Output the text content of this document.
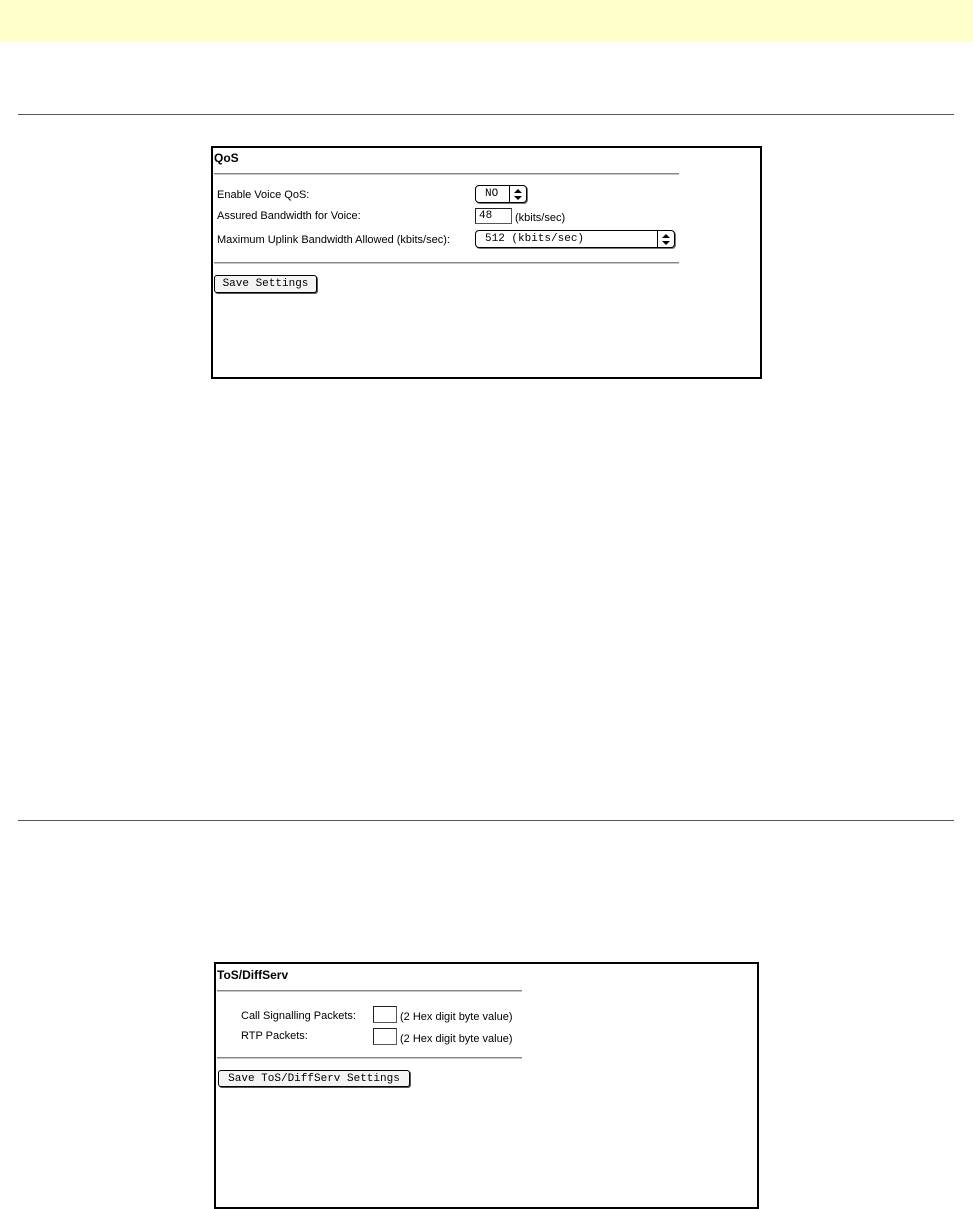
QoS
Enable Voice QoS:	NO
Assured Bandwidth for Voice:	48	(kbits/sec)
Maximum Uplink Bandwidth Allowed (kbits/sec):	512 (kbits/sec)
Save Settings
ToS/DiffServ
Call Signalling Packets:	(2 Hex digit byte value)
RTP Packets:	(2 Hex digit byte value)
Save ToS/DiffServ Settings
